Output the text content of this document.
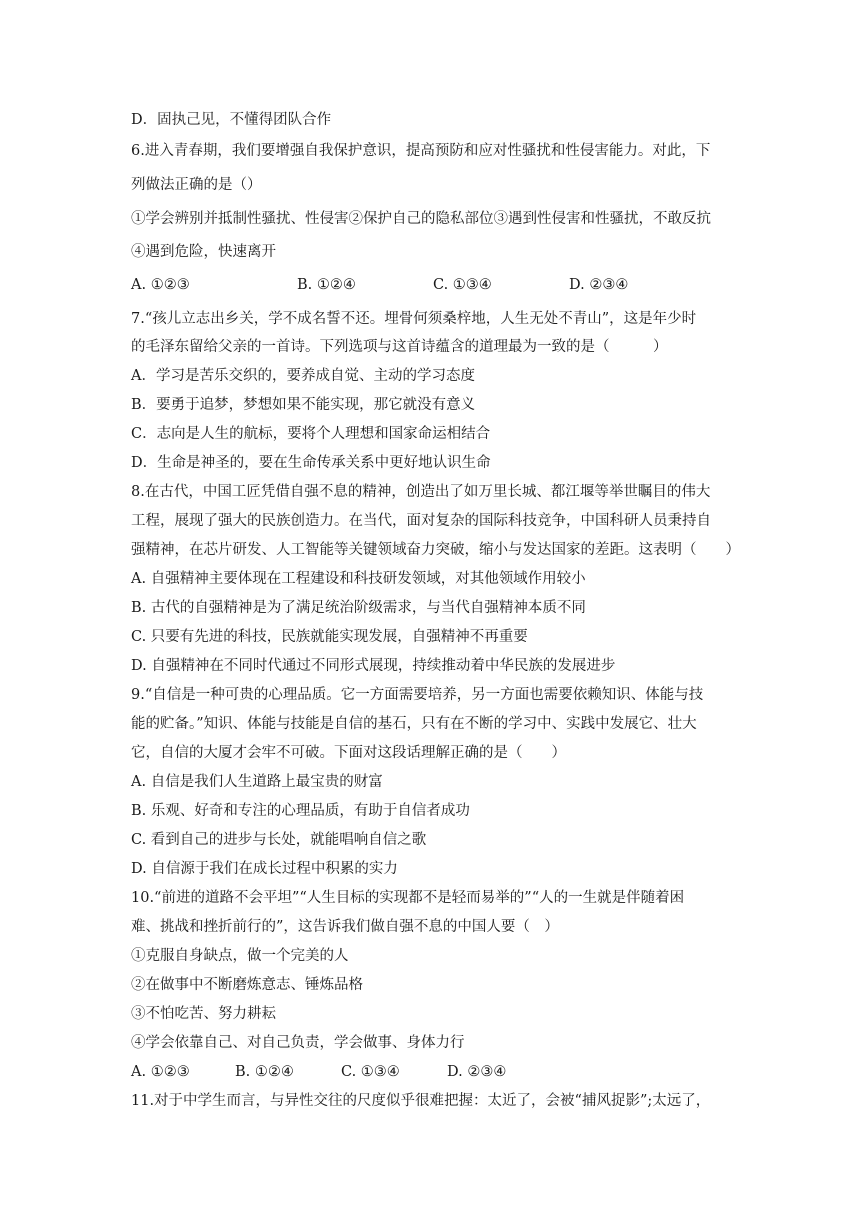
D．固执己见，不懂得团队合作
6.进入青春期，我们要增强自我保护意识，提高预防和应对性骚扰和性侵害能力。对此，下
列做法正确的是（）
①学会辨别并抵制性骚扰、性侵害②保护自己的隐私部位③遇到性侵害和性骚扰，不敢反抗
④遇到危险，快速离开
A. ①②③	B. ①②④	C. ①③④	D. ②③④
7.“孩儿立志出乡关，学不成名誓不还。埋骨何须桑梓地，人生无处不青山”，这是年少时
的毛泽东留给父亲的一首诗。下列选项与这首诗蕴含的道理最为一致的是（　　　）
A．学习是苦乐交织的，要养成自觉、主动的学习态度
B．要勇于追梦，梦想如果不能实现，那它就没有意义
C．志向是人生的航标，要将个人理想和国家命运相结合
D．生命是神圣的，要在生命传承关系中更好地认识生命
8.在古代，中国工匠凭借自强不息的精神，创造出了如万里长城、都江堰等举世瞩目的伟大
工程，展现了强大的民族创造力。在当代，面对复杂的国际科技竞争，中国科研人员秉持自
强精神，在芯片研发、人工智能等关键领域奋力突破，缩小与发达国家的差距。这表明（　　）
A. 自强精神主要体现在工程建设和科技研发领域，对其他领域作用较小
B. 古代的自强精神是为了满足统治阶级需求，与当代自强精神本质不同
C. 只要有先进的科技，民族就能实现发展，自强精神不再重要
D. 自强精神在不同时代通过不同形式展现，持续推动着中华民族的发展进步
9.“自信是一种可贵的心理品质。它一方面需要培养，另一方面也需要依赖知识、体能与技
能的贮备。”知识、体能与技能是自信的基石，只有在不断的学习中、实践中发展它、壮大
它，自信的大厦才会牢不可破。下面对这段话理解正确的是（　　）
A. 自信是我们人生道路上最宝贵的财富
B. 乐观、好奇和专注的心理品质，有助于自信者成功
C. 看到自己的进步与长处，就能唱响自信之歌
D. 自信源于我们在成长过程中积累的实力
10.“前进的道路不会平坦”“人生目标的实现都不是轻而易举的”“人的一生就是伴随着困
难、挑战和挫折前行的”，这告诉我们做自强不息的中国人要（　）
①克服自身缺点，做一个完美的人
②在做事中不断磨炼意志、锤炼品格
③不怕吃苦、努力耕耘
④学会依靠自己、对自己负责，学会做事、身体力行
A. ①②③	B. ①②④	C. ①③④	D. ②③④
11.对于中学生而言，与异性交往的尺度似乎很难把握：太近了，会被“捕风捉影”;太远了，
